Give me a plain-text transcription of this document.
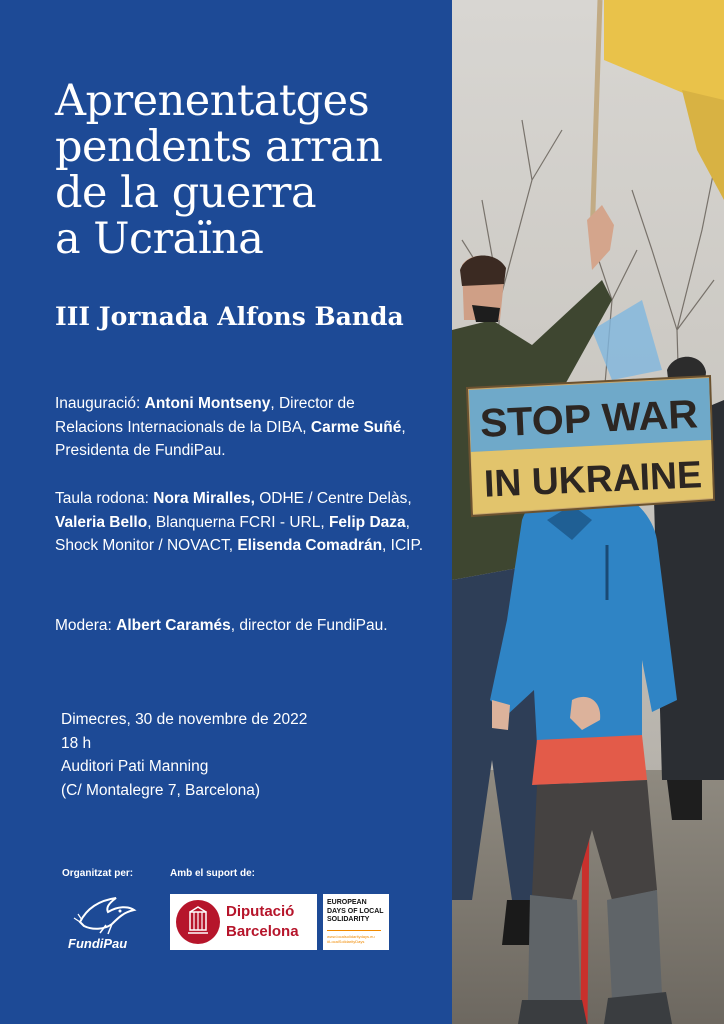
Aprenentatges
pendents arran
de la guerra
a Ucraïna
III Jornada Alfons Banda

Inauguració: Antoni Montseny, Director de Relacions Internacionals de la DIBA, Carme Suñé, Presidenta de FundiPau.

Taula rodona: Nora Miralles, ODHE / Centre Delàs, Valeria Bello, Blanquerna FCRI - URL, Felip Daza, Shock Monitor / NOVACT, Elisenda Comadrán, ICIP.

Modera: Albert Caramés, director de FundiPau.

Dimecres, 30 de novembre de 2022
18 h
Auditori Pati Manning
(C/ Montalegre 7, Barcelona)
Organitzat per:	Amb el suport de:
FundiPau
Diputació
Barcelona
EUROPEAN DAYS OF LOCAL SOLIDARITY
www.localsolidaritydays.eu
#LocalSolidarityDays
STOP WAR
IN UKRAINE
